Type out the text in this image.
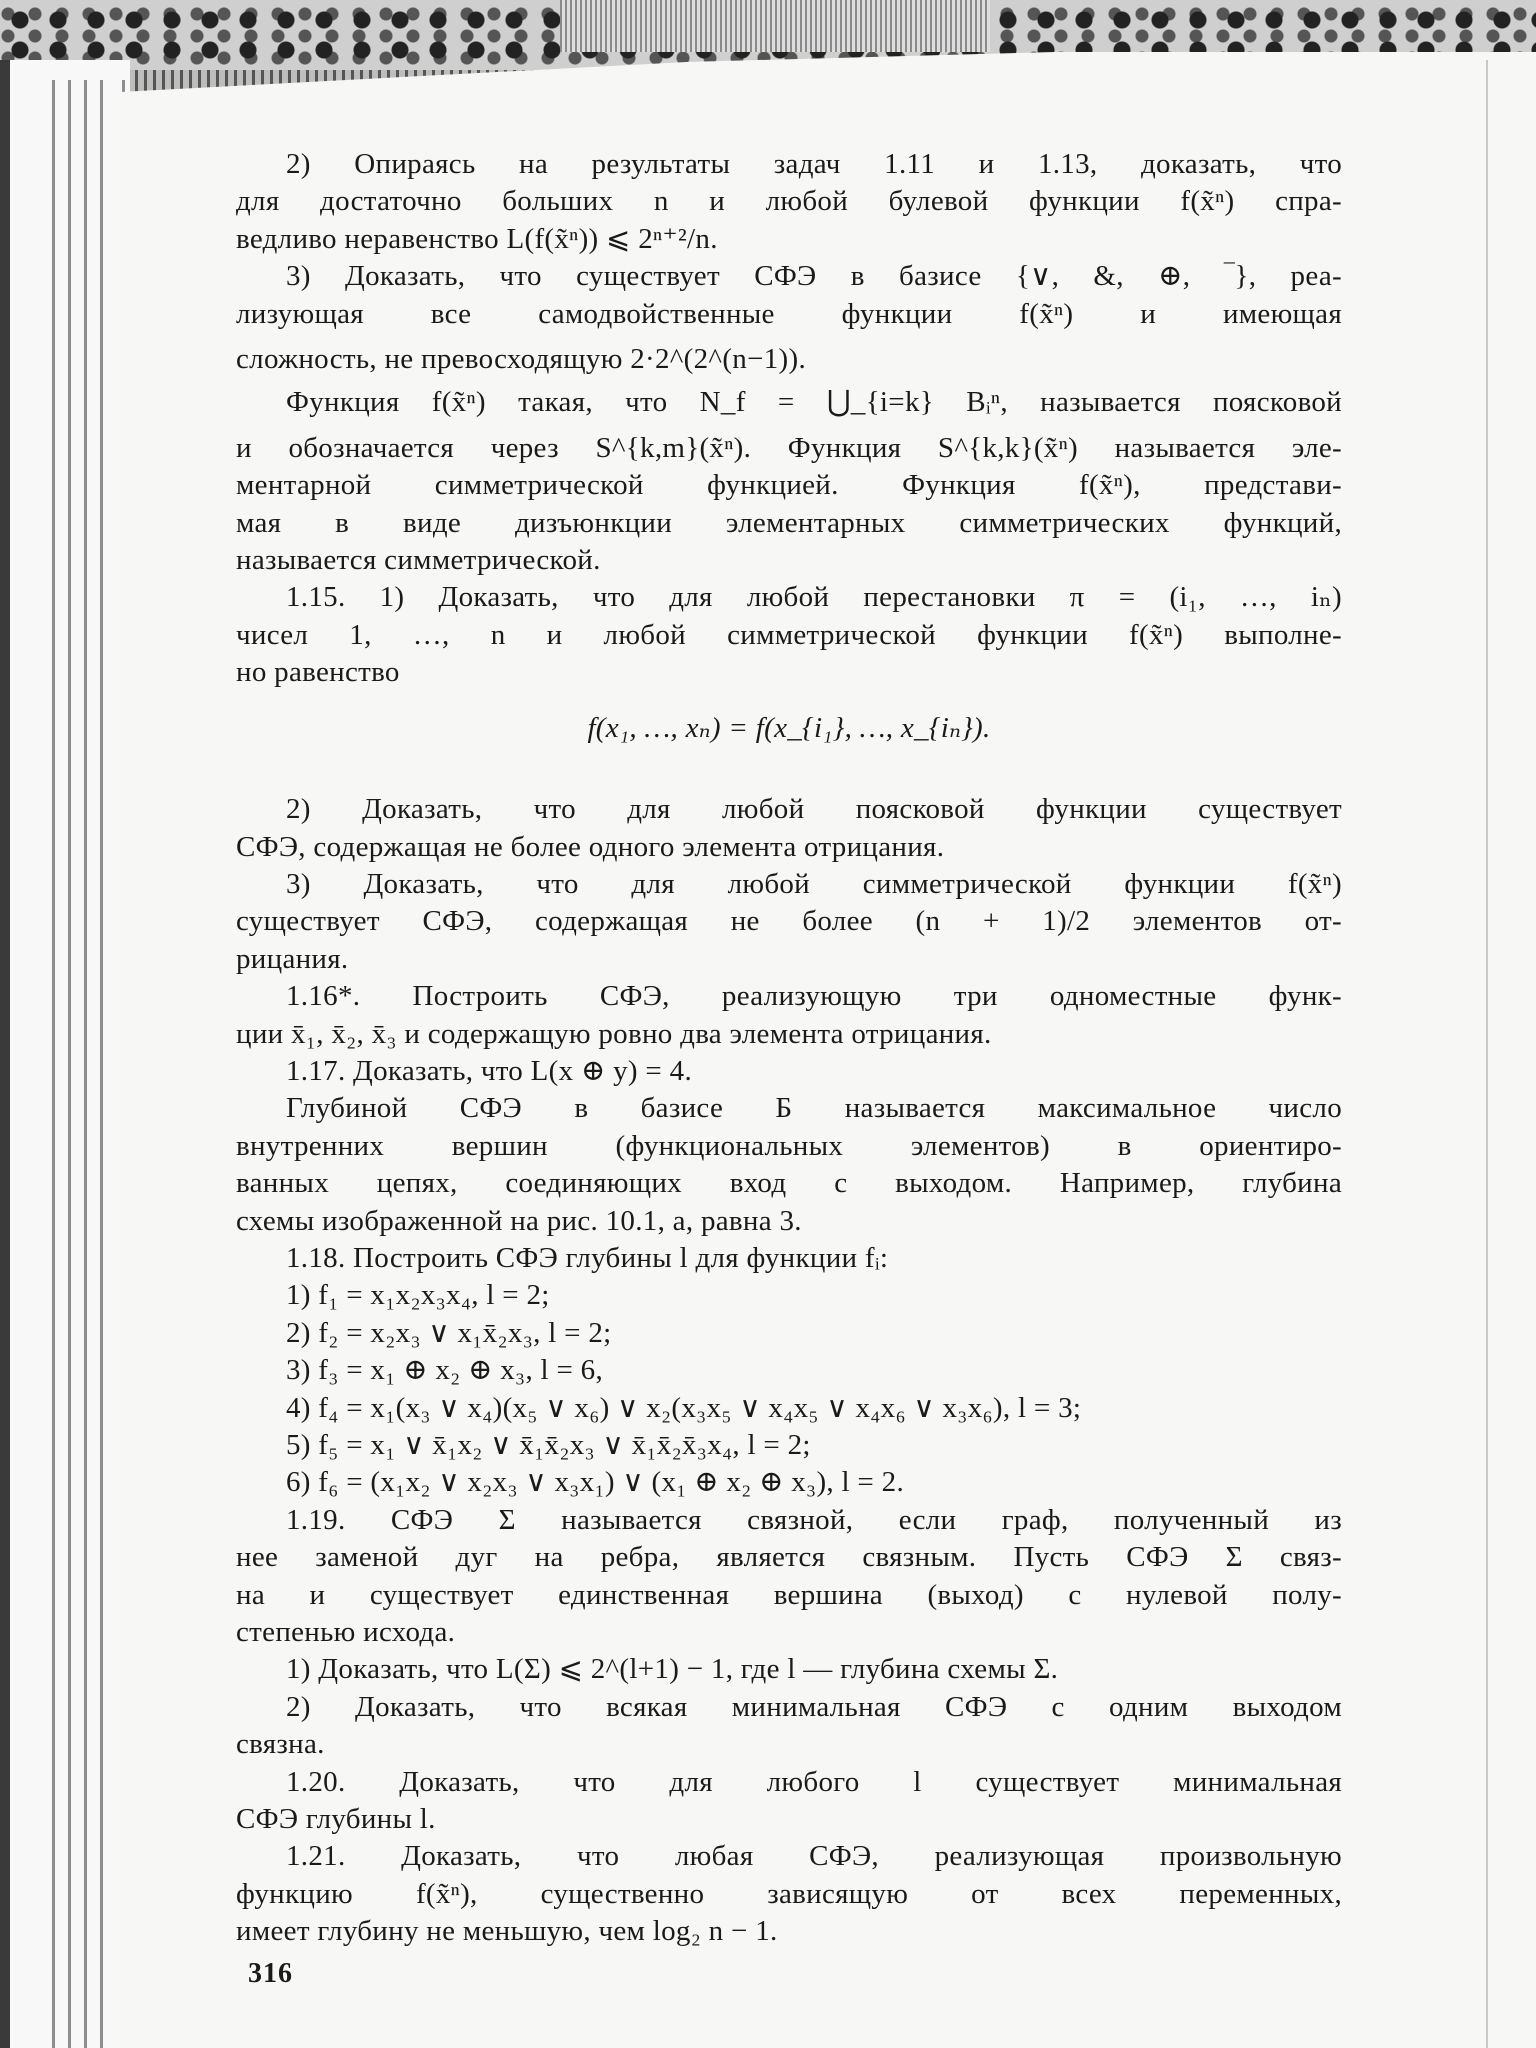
2) Опираясь на результаты задач 1.11 и 1.13, доказать, что
для достаточно больших n и любой булевой функции f(x̃ⁿ) спра-
ведливо неравенство L(f(x̃ⁿ)) ⩽ 2ⁿ⁺²/n.
3) Доказать, что существует СФЭ в базисе {∨, &, ⊕, ‾}, реа-
лизующая все самодвойственные функции f(x̃ⁿ) и имеющая
сложность, не превосходящую 2·2^(2^(n−1)).
Функция f(x̃ⁿ) такая, что N_f = ⋃_{i=k} Bᵢⁿ, называется поясковой
и обозначается через S^{k,m}(x̃ⁿ). Функция S^{k,k}(x̃ⁿ) называется эле-
ментарной симметрической функцией. Функция f(x̃ⁿ), представи-
мая в виде дизъюнкции элементарных симметрических функций,
называется симметрической.
1.15. 1) Доказать, что для любой перестановки π = (i₁, …, iₙ)
чисел 1, …, n и любой симметрической функции f(x̃ⁿ) выполне-
но равенство
f(x₁, …, xₙ) = f(x_{i₁}, …, x_{iₙ}).
2) Доказать, что для любой поясковой функции существует
СФЭ, содержащая не более одного элемента отрицания.
3) Доказать, что для любой симметрической функции f(x̃ⁿ)
существует СФЭ, содержащая не более (n + 1)/2 элементов от-
рицания.
1.16*. Построить СФЭ, реализующую три одноместные функ-
ции x̄₁, x̄₂, x̄₃ и содержащую ровно два элемента отрицания.
1.17. Доказать, что L(x ⊕ y) = 4.
Глубиной СФЭ в базисе Б называется максимальное число
внутренних вершин (функциональных элементов) в ориентиро-
ванных цепях, соединяющих вход с выходом. Например, глубина
схемы изображенной на рис. 10.1, a, равна 3.
1.18. Построить СФЭ глубины l для функции fᵢ:
1) f₁ = x₁x₂x₃x₄, l = 2;
2) f₂ = x₂x₃ ∨ x₁x̄₂x₃, l = 2;
3) f₃ = x₁ ⊕ x₂ ⊕ x₃, l = 6,
4) f₄ = x₁(x₃ ∨ x₄)(x₅ ∨ x₆) ∨ x₂(x₃x₅ ∨ x₄x₅ ∨ x₄x₆ ∨ x₃x₆), l = 3;
5) f₅ = x₁ ∨ x̄₁x₂ ∨ x̄₁x̄₂x₃ ∨ x̄₁x̄₂x̄₃x₄, l = 2;
6) f₆ = (x₁x₂ ∨ x₂x₃ ∨ x₃x₁) ∨ (x₁ ⊕ x₂ ⊕ x₃), l = 2.
1.19. СФЭ Σ называется связной, если граф, полученный из
нее заменой дуг на ребра, является связным. Пусть СФЭ Σ связ-
на и существует единственная вершина (выход) с нулевой полу-
степенью исхода.
1) Доказать, что L(Σ) ⩽ 2^(l+1) − 1, где l — глубина схемы Σ.
2) Доказать, что всякая минимальная СФЭ с одним выходом
связна.
1.20. Доказать, что для любого l существует минимальная
СФЭ глубины l.
1.21. Доказать, что любая СФЭ, реализующая произвольную
функцию f(x̃ⁿ), существенно зависящую от всех переменных,
имеет глубину не меньшую, чем log₂ n − 1.
316
